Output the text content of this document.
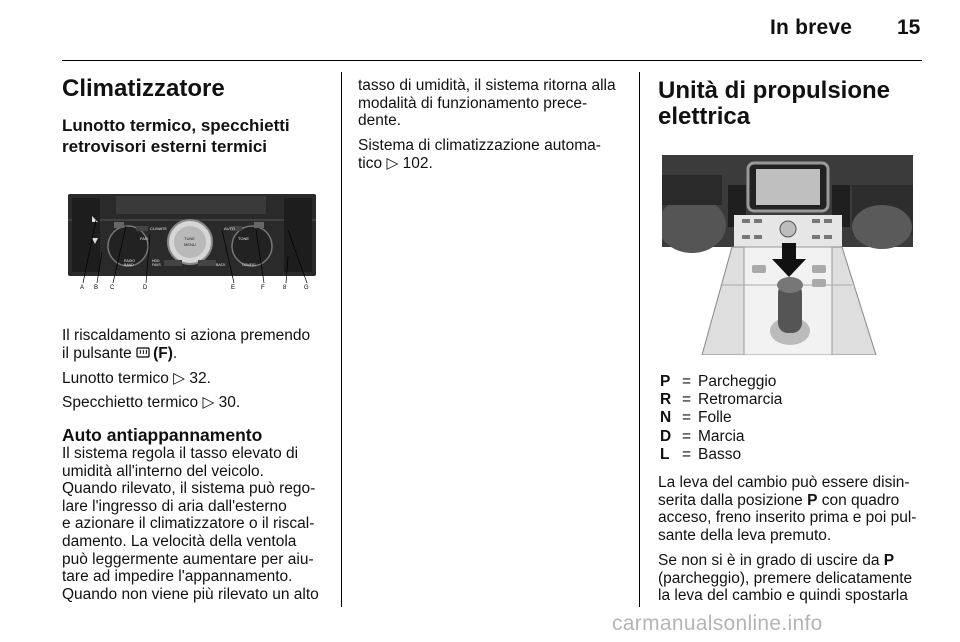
In breve 15
Climatizzatore
Lunotto termico, specchietti
retrovisori esterni termici
CLIMATE
FAN
RADIO
BAND
HDD
FAVS
TUNE
MENU
AUTO
TONE
BACK	CONFIG
A B C	D	E	F	8	G

Il riscaldamento si aziona premendo

il pulsante (F).

Lunotto termico ▷ 32.
Specchietto termico ▷ 30.
Auto antiappannamento

Il sistema regola il tasso elevato di

umidità all'interno del veicolo.

Quando rilevato, il sistema può rego-

lare l'ingresso di aria dall'esterno

e azionare il climatizzatore o il riscal-

damento. La velocità della ventola

può leggermente aumentare per aiu-

tare ad impedire l'appannamento.

Quando non viene più rilevato un alto

tasso di umidità, il sistema ritorna alla

modalità di funzionamento prece-

dente.

Sistema di climatizzazione automa-

tico ▷ 102.

Unità di propulsione
elettrica
P = Parcheggio
R = Retromarcia
N = Folle
D = Marcia
L = Basso

La leva del cambio può essere disin-

serita dalla posizione P con quadro

acceso, freno inserito prima e poi pul-

sante della leva premuto.

Se non si è in grado di uscire da P

(parcheggio), premere delicatamente

la leva del cambio e quindi spostarla

carmanualsonline.info
